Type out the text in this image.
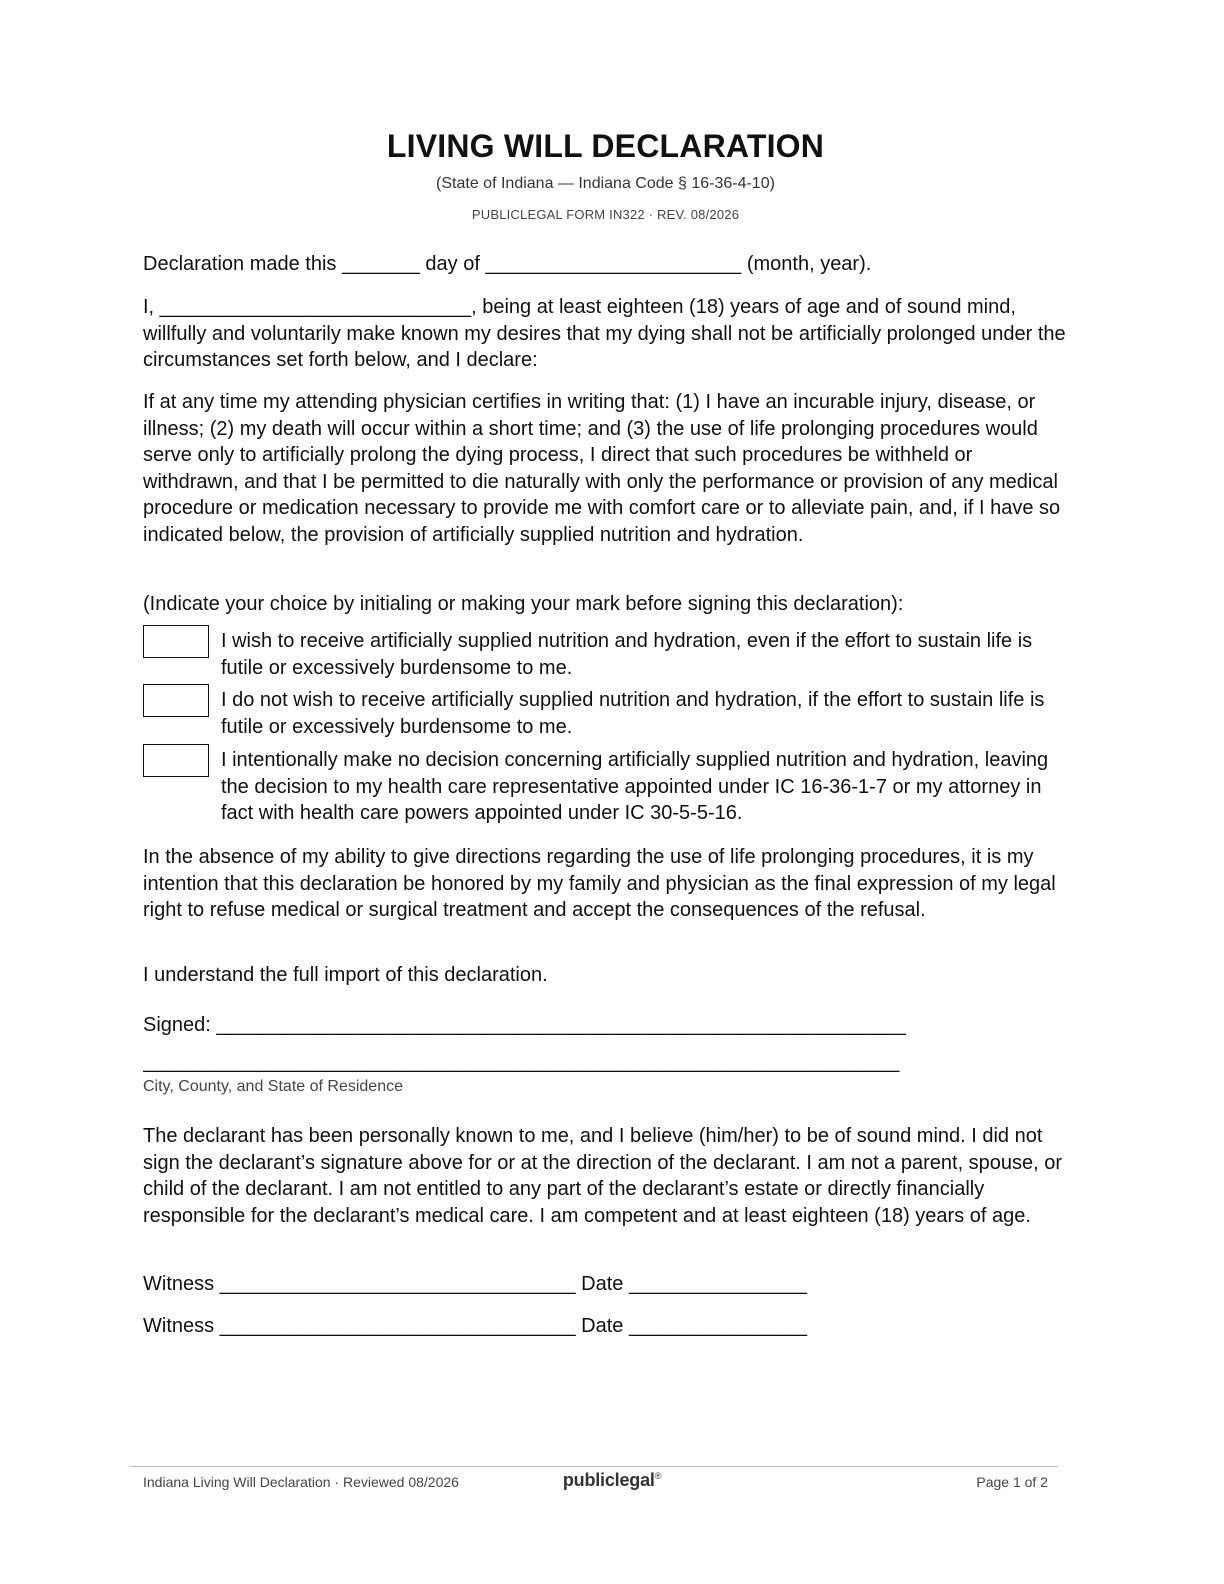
LIVING WILL DECLARATION
(State of Indiana — Indiana Code § 16-36-4-10)
PUBLICLEGAL FORM IN322 · REV. 08/2026
Declaration made this _______ day of _______________________ (month, year).
I, ____________________________, being at least eighteen (18) years of age and of sound mind, willfully and voluntarily make known my desires that my dying shall not be artificially prolonged under the circumstances set forth below, and I declare:
If at any time my attending physician certifies in writing that: (1) I have an incurable injury, disease, or illness; (2) my death will occur within a short time; and (3) the use of life prolonging procedures would serve only to artificially prolong the dying process, I direct that such procedures be withheld or withdrawn, and that I be permitted to die naturally with only the performance or provision of any medical procedure or medication necessary to provide me with comfort care or to alleviate pain, and, if I have so indicated below, the provision of artificially supplied nutrition and hydration.
(Indicate your choice by initialing or making your mark before signing this declaration):
I wish to receive artificially supplied nutrition and hydration, even if the effort to sustain life is futile or excessively burdensome to me.
I do not wish to receive artificially supplied nutrition and hydration, if the effort to sustain life is futile or excessively burdensome to me.
I intentionally make no decision concerning artificially supplied nutrition and hydration, leaving the decision to my health care representative appointed under IC 16-36-1-7 or my attorney in fact with health care powers appointed under IC 30-5-5-16.
In the absence of my ability to give directions regarding the use of life prolonging procedures, it is my intention that this declaration be honored by my family and physician as the final expression of my legal right to refuse medical or surgical treatment and accept the consequences of the refusal.
I understand the full import of this declaration.
Signed: ______________________________________________________________
____________________________________________________________________
City, County, and State of Residence
The declarant has been personally known to me, and I believe (him/her) to be of sound mind. I did not sign the declarant’s signature above for or at the direction of the declarant. I am not a parent, spouse, or child of the declarant. I am not entitled to any part of the declarant’s estate or directly financially responsible for the declarant’s medical care. I am competent and at least eighteen (18) years of age.
Witness ________________________________ Date ________________
Witness ________________________________ Date ________________
Indiana Living Will Declaration · Reviewed 08/2026	publiclegal®	Page 1 of 2
